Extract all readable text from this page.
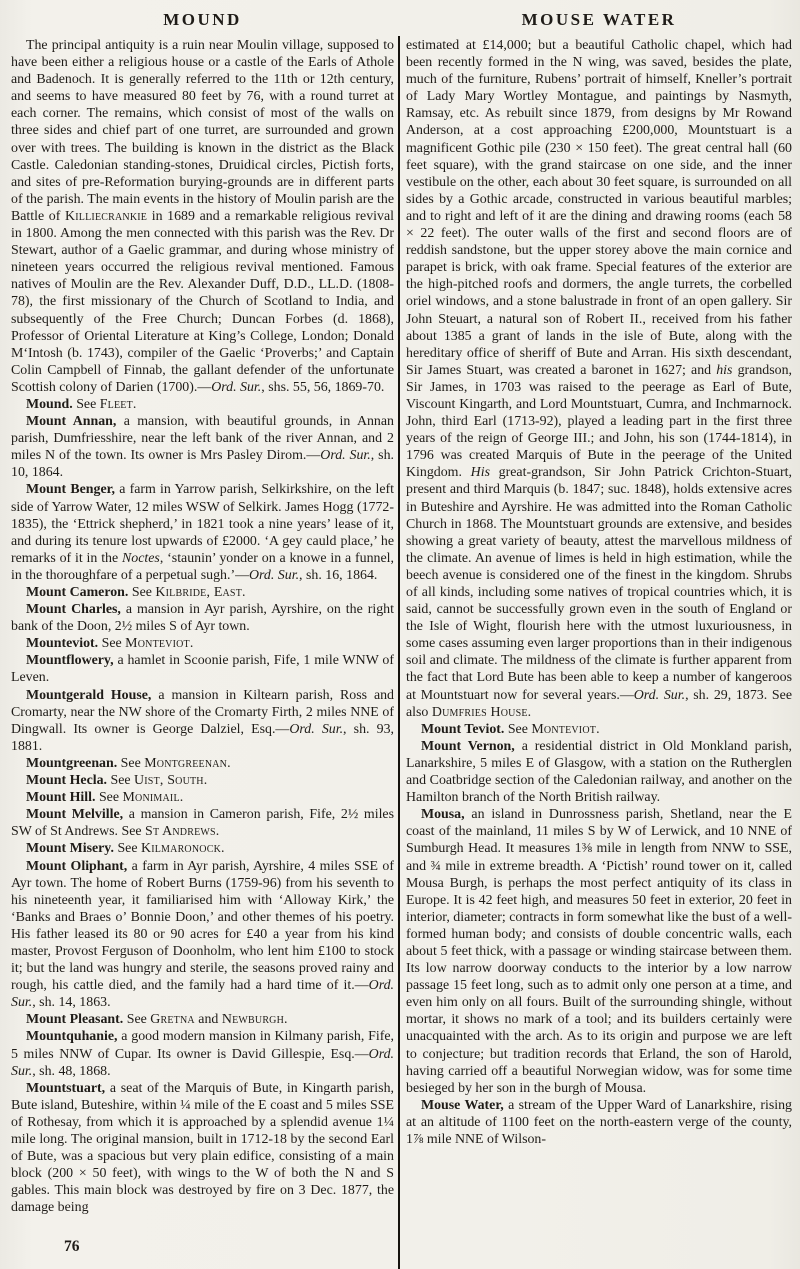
MOUND

The principal antiquity is a ruin near Moulin village, supposed to have been either a religious house or a castle of the Earls of Athole and Badenoch. It is generally referred to the 11th or 12th century, and seems to have measured 80 feet by 76, with a round turret at each corner. The remains, which consist of most of the walls on three sides and chief part of one turret, are surrounded and grown over with trees. The building is known in the district as the Black Castle. Caledonian standing-stones, Druidical circles, Pictish forts, and sites of pre-Reformation burying-grounds are in different parts of the parish. The main events in the history of Moulin parish are the Battle of Killiecrankie in 1689 and a remarkable religious revival in 1800. Among the men connected with this parish was the Rev. Dr Stewart, author of a Gaelic grammar, and during whose ministry of nineteen years occurred the religious revival mentioned. Famous natives of Moulin are the Rev. Alexander Duff, D.D., LL.D. (1808-78), the first missionary of the Church of Scotland to India, and subsequently of the Free Church; Duncan Forbes (d. 1868), Professor of Oriental Literature at King’s College, London; Donald M‘Intosh (b. 1743), compiler of the Gaelic ‘Proverbs;’ and Captain Colin Campbell of Finnab, the gallant defender of the unfortunate Scottish colony of Darien (1700).—Ord. Sur., shs. 55, 56, 1869-70.

Mound. See Fleet.

Mount Annan, a mansion, with beautiful grounds, in Annan parish, Dumfriesshire, near the left bank of the river Annan, and 2 miles N of the town. Its owner is Mrs Pasley Dirom.—Ord. Sur., sh. 10, 1864.

Mount Benger, a farm in Yarrow parish, Selkirkshire, on the left side of Yarrow Water, 12 miles WSW of Selkirk. James Hogg (1772-1835), the ‘Ettrick shepherd,’ in 1821 took a nine years’ lease of it, and during its tenure lost upwards of £2000. ‘A gey cauld place,’ he remarks of it in the Noctes, ‘staunin’ yonder on a knowe in a funnel, in the thoroughfare of a perpetual sugh.’—Ord. Sur., sh. 16, 1864.

Mount Cameron. See Kilbride, East.

Mount Charles, a mansion in Ayr parish, Ayrshire, on the right bank of the Doon, 2½ miles S of Ayr town.

Mounteviot. See Monteviot.

Mountflowery, a hamlet in Scoonie parish, Fife, 1 mile WNW of Leven.

Mountgerald House, a mansion in Kiltearn parish, Ross and Cromarty, near the NW shore of the Cromarty Firth, 2 miles NNE of Dingwall. Its owner is George Dalziel, Esq.—Ord. Sur., sh. 93, 1881.

Mountgreenan. See Montgreenan.

Mount Hecla. See Uist, South.

Mount Hill. See Monimail.

Mount Melville, a mansion in Cameron parish, Fife, 2½ miles SW of St Andrews. See St Andrews.

Mount Misery. See Kilmaronock.

Mount Oliphant, a farm in Ayr parish, Ayrshire, 4 miles SSE of Ayr town. The home of Robert Burns (1759-96) from his seventh to his nineteenth year, it familiarised him with ‘Alloway Kirk,’ the ‘Banks and Braes o’ Bonnie Doon,’ and other themes of his poetry. His father leased its 80 or 90 acres for £40 a year from his kind master, Provost Ferguson of Doonholm, who lent him £100 to stock it; but the land was hungry and sterile, the seasons proved rainy and rough, his cattle died, and the family had a hard time of it.—Ord. Sur., sh. 14, 1863.

Mount Pleasant. See Gretna and Newburgh.

Mountquhanie, a good modern mansion in Kilmany parish, Fife, 5 miles NNW of Cupar. Its owner is David Gillespie, Esq.—Ord. Sur., sh. 48, 1868.

Mountstuart, a seat of the Marquis of Bute, in Kingarth parish, Bute island, Buteshire, within ¼ mile of the E coast and 5 miles SSE of Rothesay, from which it is approached by a splendid avenue 1¼ mile long. The original mansion, built in 1712-18 by the second Earl of Bute, was a spacious but very plain edifice, consisting of a main block (200 × 50 feet), with wings to the W of both the N and S gables. This main block was destroyed by fire on 3 Dec. 1877, the damage being

MOUSE WATER

estimated at £14,000; but a beautiful Catholic chapel, which had been recently formed in the N wing, was saved, besides the plate, much of the furniture, Rubens’ portrait of himself, Kneller’s portrait of Lady Mary Wortley Montague, and paintings by Nasmyth, Ramsay, etc. As rebuilt since 1879, from designs by Mr Rowand Anderson, at a cost approaching £200,000, Mountstuart is a magnificent Gothic pile (230 × 150 feet). The great central hall (60 feet square), with the grand staircase on one side, and the inner vestibule on the other, each about 30 feet square, is surrounded on all sides by a Gothic arcade, constructed in various beautiful marbles; and to right and left of it are the dining and drawing rooms (each 58 × 22 feet). The outer walls of the first and second floors are of reddish sandstone, but the upper storey above the main cornice and parapet is brick, with oak frame. Special features of the exterior are the high-pitched roofs and dormers, the angle turrets, the corbelled oriel windows, and a stone balustrade in front of an open gallery. Sir John Steuart, a natural son of Robert II., received from his father about 1385 a grant of lands in the isle of Bute, along with the hereditary office of sheriff of Bute and Arran. His sixth descendant, Sir James Stuart, was created a baronet in 1627; and his grandson, Sir James, in 1703 was raised to the peerage as Earl of Bute, Viscount Kingarth, and Lord Mountstuart, Cumra, and Inchmarnock. John, third Earl (1713-92), played a leading part in the first three years of the reign of George III.; and John, his son (1744-1814), in 1796 was created Marquis of Bute in the peerage of the United Kingdom. His great-grandson, Sir John Patrick Crichton-Stuart, present and third Marquis (b. 1847; suc. 1848), holds extensive acres in Buteshire and Ayrshire. He was admitted into the Roman Catholic Church in 1868. The Mountstuart grounds are extensive, and besides showing a great variety of beauty, attest the marvellous mildness of the climate. An avenue of limes is held in high estimation, while the beech avenue is considered one of the finest in the kingdom. Shrubs of all kinds, including some natives of tropical countries which, it is said, cannot be successfully grown even in the south of England or the Isle of Wight, flourish here with the utmost luxuriousness, in some cases assuming even larger proportions than in their indigenous soil and climate. The mildness of the climate is further apparent from the fact that Lord Bute has been able to keep a number of kangeroos at Mountstuart now for several years.—Ord. Sur., sh. 29, 1873. See also Dumfries House.

Mount Teviot. See Monteviot.

Mount Vernon, a residential district in Old Monkland parish, Lanarkshire, 5 miles E of Glasgow, with a station on the Rutherglen and Coatbridge section of the Caledonian railway, and another on the Hamilton branch of the North British railway.

Mousa, an island in Dunrossness parish, Shetland, near the E coast of the mainland, 11 miles S by W of Lerwick, and 10 NNE of Sumburgh Head. It measures 1⅜ mile in length from NNW to SSE, and ¾ mile in extreme breadth. A ‘Pictish’ round tower on it, called Mousa Burgh, is perhaps the most perfect antiquity of its class in Europe. It is 42 feet high, and measures 50 feet in exterior, 20 feet in interior, diameter; contracts in form somewhat like the bust of a well-formed human body; and consists of double concentric walls, each about 5 feet thick, with a passage or winding staircase between them. Its low narrow doorway conducts to the interior by a low narrow passage 15 feet long, such as to admit only one person at a time, and even him only on all fours. Built of the surrounding shingle, without mortar, it shows no mark of a tool; and its builders certainly were unacquainted with the arch. As to its origin and purpose we are left to conjecture; but tradition records that Erland, the son of Harold, having carried off a beautiful Norwegian widow, was for some time besieged by her son in the burgh of Mousa.

Mouse Water, a stream of the Upper Ward of Lanarkshire, rising at an altitude of 1100 feet on the north-eastern verge of the county, 1⅞ mile NNE of Wilson-

76
